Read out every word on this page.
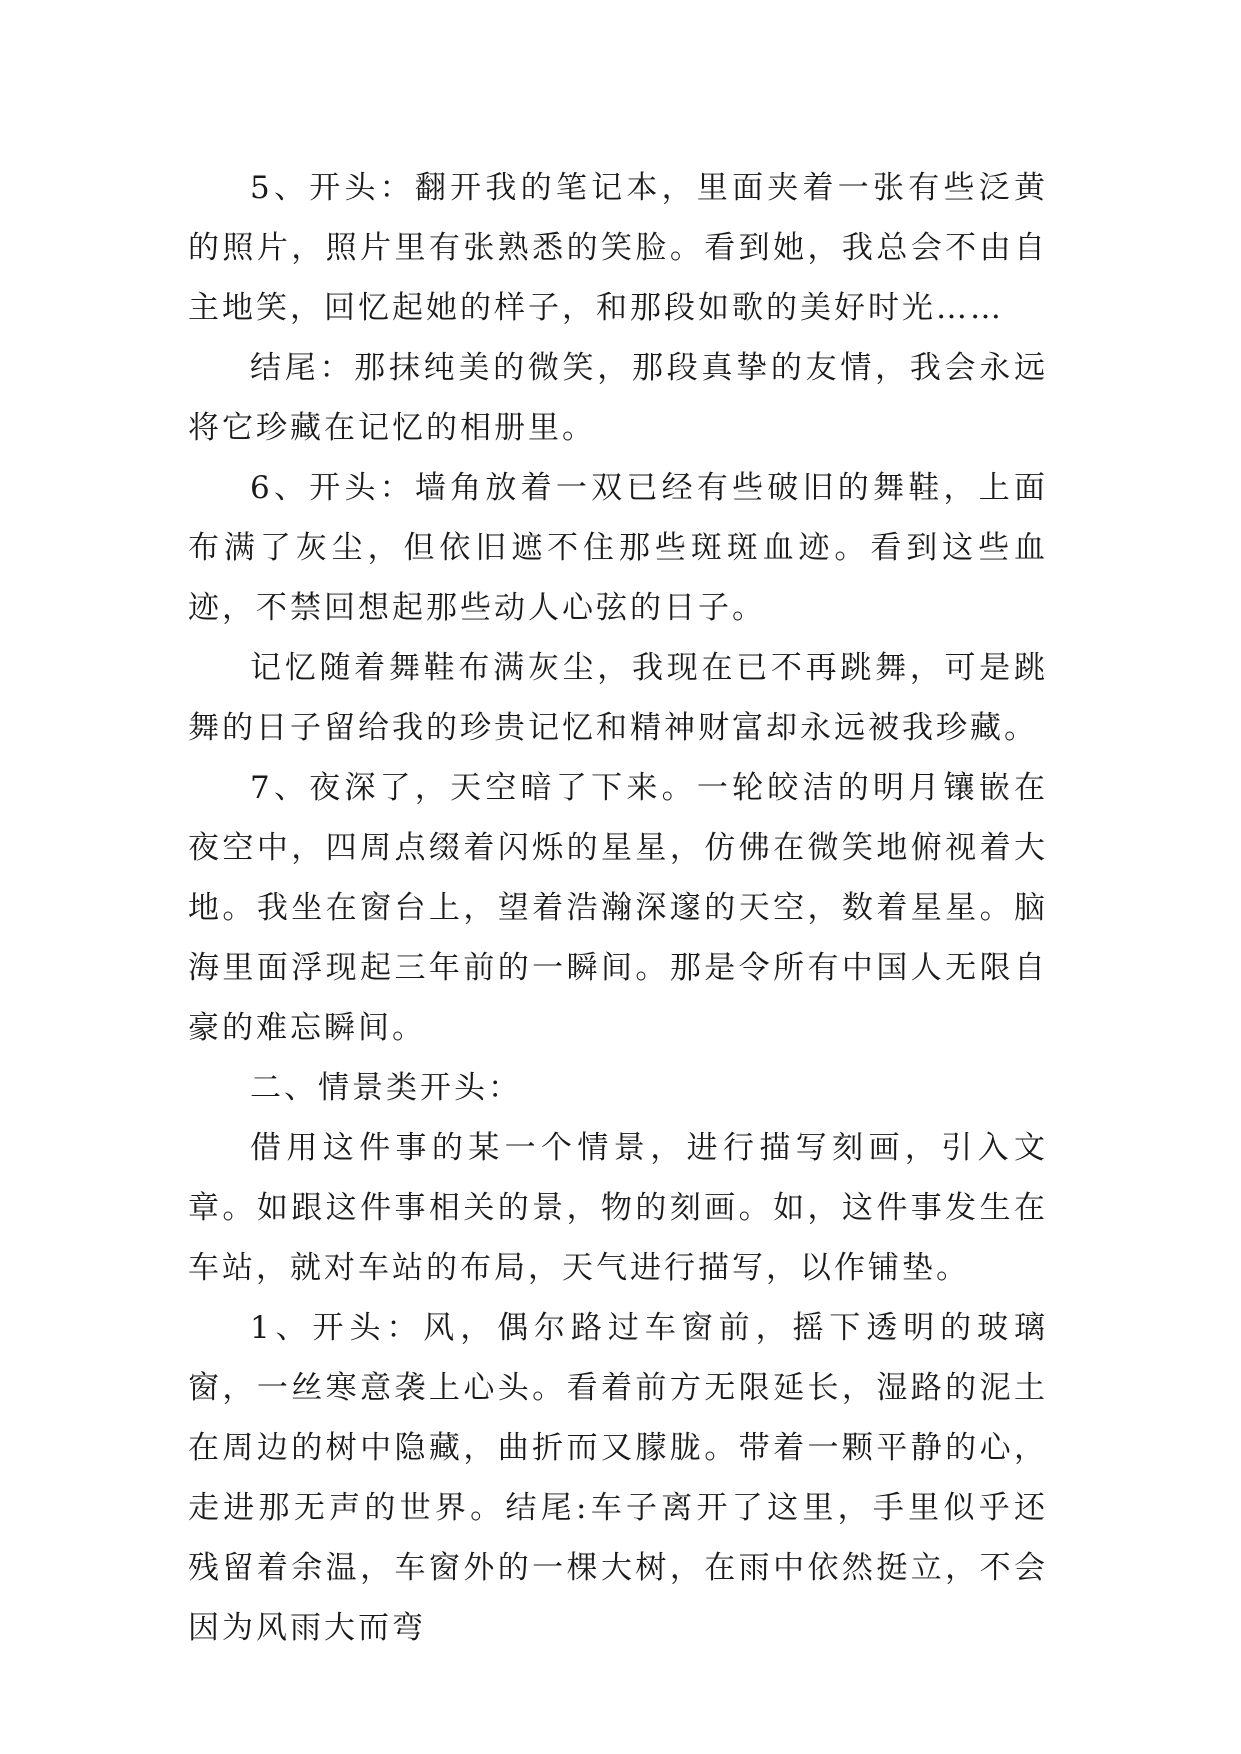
5、开头：翻开我的笔记本，里面夹着一张有些泛黄的照片，照片里有张熟悉的笑脸。看到她，我总会不由自主地笑，回忆起她的样子，和那段如歌的美好时光……

结尾：那抹纯美的微笑，那段真挚的友情，我会永远将它珍藏在记忆的相册里。

6、开头：墙角放着一双已经有些破旧的舞鞋，上面布满了灰尘，但依旧遮不住那些斑斑血迹。看到这些血迹，不禁回想起那些动人心弦的日子。

记忆随着舞鞋布满灰尘，我现在已不再跳舞，可是跳舞的日子留给我的珍贵记忆和精神财富却永远被我珍藏。

7、夜深了，天空暗了下来。一轮皎洁的明月镶嵌在夜空中，四周点缀着闪烁的星星，仿佛在微笑地俯视着大地。我坐在窗台上，望着浩瀚深邃的天空，数着星星。脑海里面浮现起三年前的一瞬间。那是令所有中国人无限自豪的难忘瞬间。

二、情景类开头：

借用这件事的某一个情景，进行描写刻画，引入文章。如跟这件事相关的景，物的刻画。如，这件事发生在车站，就对车站的布局，天气进行描写，以作铺垫。

1、开头：风，偶尔路过车窗前，摇下透明的玻璃窗，一丝寒意袭上心头。看着前方无限延长，湿路的泥土在周边的树中隐藏，曲折而又朦胧。带着一颗平静的心，走进那无声的世界。结尾:车子离开了这里，手里似乎还残留着余温，车窗外的一棵大树，在雨中依然挺立，不会因为风雨大而弯
